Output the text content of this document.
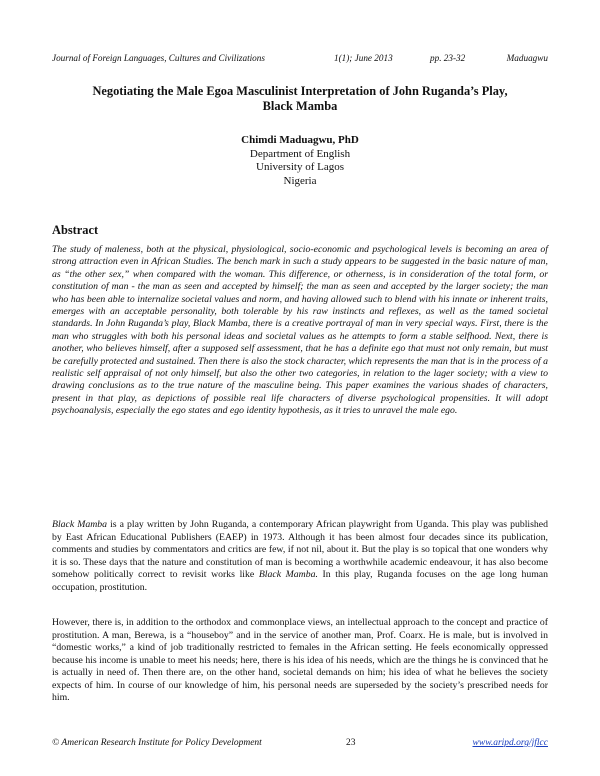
Journal of Foreign Languages, Cultures and Civilizations	1(1); June 2013	pp. 23-32	Maduagwu
Negotiating the Male Egoa Masculinist Interpretation of John Ruganda’s Play,
Black Mamba
Chimdi Maduagwu, PhD
Department of English
University of Lagos
Nigeria
Abstract

The study of maleness, both at the physical, physiological, socio-economic and psychological levels is becoming an area of strong attraction even in African Studies. The bench mark in such a study appears to be suggested in the basic nature of man, as “the other sex,” when compared with the woman. This difference, or otherness, is in consideration of the total form, or constitution of man - the man as seen and accepted by himself; the man as seen and accepted by the larger society; the man who has been able to internalize societal values and norm, and having allowed such to blend with his innate or inherent traits, emerges with an acceptable personality, both tolerable by his raw instincts and reflexes, as well as the tamed societal standards. In John Ruganda’s play, Black Mamba, there is a creative portrayal of man in very special ways. First, there is the man who struggles with both his personal ideas and societal values as he attempts to form a stable selfhood. Next, there is another, who believes himself, after a supposed self assessment, that he has a definite ego that must not only remain, but must be carefully protected and sustained. Then there is also the stock character, which represents the man that is in the process of a realistic self appraisal of not only himself, but also the other two categories, in relation to the lager society; with a view to drawing conclusions as to the true nature of the masculine being. This paper examines the various shades of characters, present in that play, as depictions of possible real life characters of diverse psychological propensities. It will adopt psychoanalysis, especially the ego states and ego identity hypothesis, as it tries to unravel the male ego.

Black Mamba is a play written by John Ruganda, a contemporary African playwright from Uganda. This play was published by East African Educational Publishers (EAEP) in 1973. Although it has been almost four decades since its publication, comments and studies by commentators and critics are few, if not nil, about it. But the play is so topical that one wonders why it is so. These days that the nature and constitution of man is becoming a worthwhile academic endeavour, it has also become somehow politically correct to revisit works like Black Mamba. In this play, Ruganda focuses on the age long human occupation, prostitution.

However, there is, in addition to the orthodox and commonplace views, an intellectual approach to the concept and practice of prostitution. A man, Berewa, is a “houseboy” and in the service of another man, Prof. Coarx. He is male, but is involved in “domestic works,” a kind of job traditionally restricted to females in the African setting. He feels economically oppressed because his income is unable to meet his needs; here, there is his idea of his needs, which are the things he is convinced that he is actually in need of. Then there are, on the other hand, societal demands on him; his idea of what he believes the society expects of him. In course of our knowledge of him, his personal needs are superseded by the society’s prescribed needs for him.

© American Research Institute for Policy Development	23	www.aripd.org/jflcc
